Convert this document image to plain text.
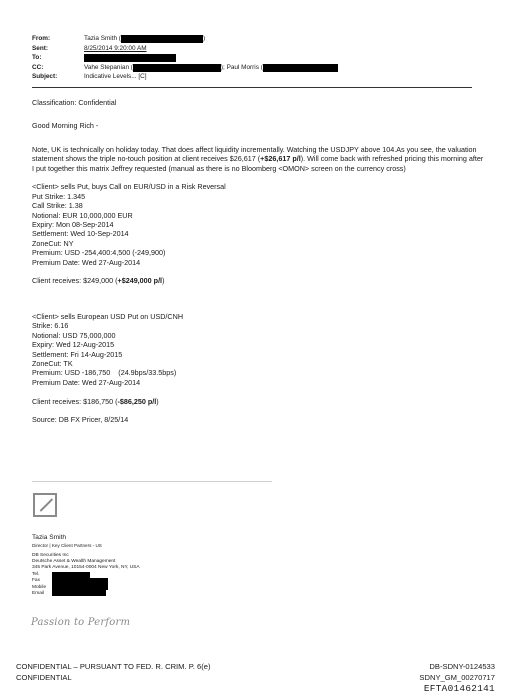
From:	Tazia Smith (	)
Sent:	8/25/2014 9:20:00 AM
To:
CC:	Vahe Stepanian (	); Paul Morris (
Subject:	Indicative Levels... [C]
Classification: Confidential
Good Morning Rich -

Note, UK is technically on holiday today. That does affect liquidity incrementally. Watching the USDJPY above 104.As you see, the valuation statement shows the triple no-touch position at client receives $26,617 (+$26,617 p/l). Will come back with refreshed pricing this morning after I put together this matrix Jeffrey requested (manual as there is no Bloomberg <OMON> screen on the currency cross)

<Client> sells Put, buys Call on EUR/USD in a Risk Reversal
Put Strike: 1.345
Call Strike: 1.38
Notional: EUR 10,000,000 EUR
Expiry: Mon 08-Sep-2014
Settlement: Wed 10-Sep-2014
ZoneCut: NY
Premium: USD -254,400:4,500 (-249,900)
Premium Date: Wed 27-Aug-2014

Client receives: $249,000 (+$249,000 p/l)

<Client> sells European USD Put on USD/CNH
Strike: 6.16
Notional: USD 75,000,000
Expiry: Wed 12-Aug-2015
Settlement: Fri 14-Aug-2015
ZoneCut: TK

Premium: USD -186,750 (24.9bps/33.5bps)

Premium Date: Wed 27-Aug-2014

Client receives: $186,750 (-$86,250 p/l)

Source: DB FX Pricer, 8/25/14
Tazia Smith
Director | Key Client Partners - US
DB Securities Inc
Deutsche Asset & Wealth Management
345 Park Avenue, 10154-0004 New York, NY, USA
Tel.
Fax
Mobile
Email
Passion to Perform
CONFIDENTIAL – PURSUANT TO FED. R. CRIM. P. 6(e)
CONFIDENTIAL
DB-SDNY-0124533
SDNY_GM_00270717
EFTA01462141
